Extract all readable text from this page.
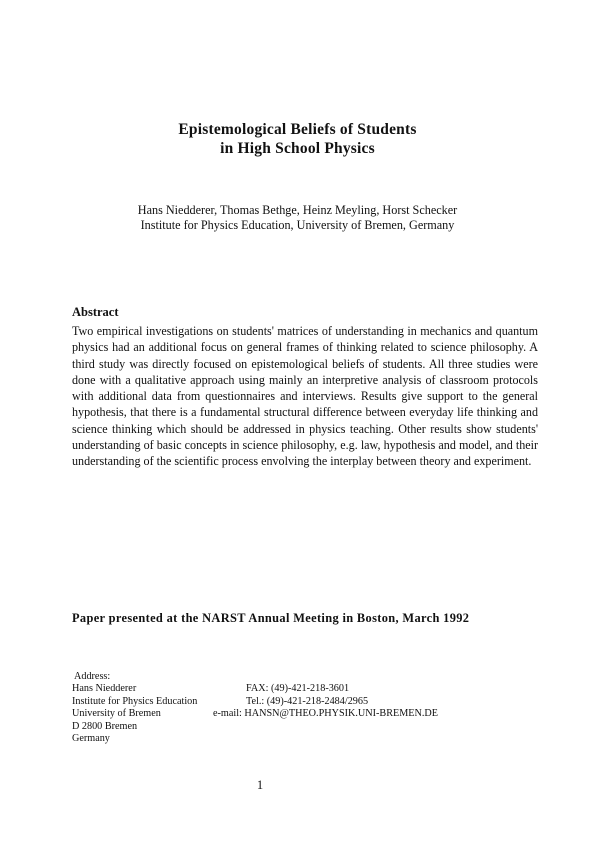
Epistemological Beliefs of Students
in High School Physics
Hans Niedderer, Thomas Bethge, Heinz Meyling, Horst Schecker
Institute for Physics Education, University of Bremen, Germany
Abstract
Two empirical investigations on students' matrices of understanding in mechanics and quantum physics had an additional focus on general frames of thinking related to science philosophy. A third study was directly focused on epistemological beliefs of students. All three studies were done with a qualitative approach using mainly an interpretive analysis of classroom protocols with additional data from questionnaires and interviews. Results give support to the general hypothesis, that there is a fundamental structural difference between everyday life thinking and science thinking which should be addressed in physics teaching. Other results show students' understanding of basic concepts in science philosophy, e.g. law, hypothesis and model, and their understanding of the scientific process envolving the interplay between theory and experiment.
Paper presented at the NARST Annual Meeting in Boston, March 1992
Address:
Hans Niedderer	FAX: (49)-421-218-3601
Institute for Physics Education	Tel.: (49)-421-218-2484/2965
University of Bremen	e-mail: HANSN@THEO.PHYSIK.UNI-BREMEN.DE
D 2800 Bremen
Germany
1
